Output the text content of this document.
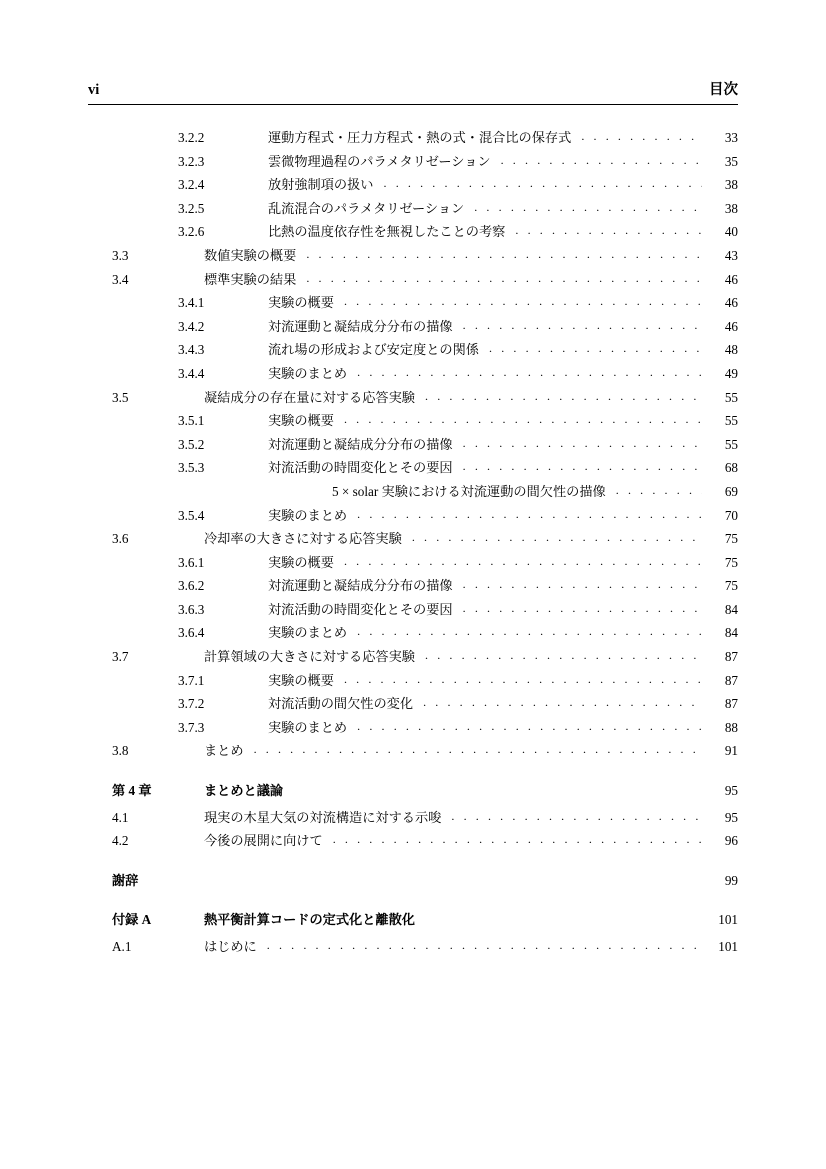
vi	目次
3.2.2	運動方程式・圧力方程式・熱の式・混合比の保存式 . . .	33
3.2.3	雲微物理過程のパラメタリゼーション . . .	35
3.2.4	放射強制項の扱い . . .	38
3.2.5	乱流混合のパラメタリゼーション . . .	38
3.2.6	比熱の温度依存性を無視したことの考察 . . .	40
3.3	数値実験の概要 . . .	43
3.4	標準実験の結果 . . .	46
3.4.1	実験の概要 . . .	46
3.4.2	対流運動と凝結成分分布の描像 . . .	46
3.4.3	流れ場の形成および安定度との関係 . . .	48
3.4.4	実験のまとめ . . .	49
3.5	凝結成分の存在量に対する応答実験 . . .	55
3.5.1	実験の概要 . . .	55
3.5.2	対流運動と凝結成分分布の描像 . . .	55
3.5.3	対流活動の時間変化とその要因 . . .	68
5 × solar 実験における対流運動の間欠性の描像 . . .	69
3.5.4	実験のまとめ . . .	70
3.6	冷却率の大きさに対する応答実験 . . .	75
3.6.1	実験の概要 . . .	75
3.6.2	対流運動と凝結成分分布の描像 . . .	75
3.6.3	対流活動の時間変化とその要因 . . .	84
3.6.4	実験のまとめ . . .	84
3.7	計算領域の大きさに対する応答実験 . . .	87
3.7.1	実験の概要 . . .	87
3.7.2	対流活動の間欠性の変化 . . .	87
3.7.3	実験のまとめ . . .	88
3.8	まとめ . . .	91
第 4 章	まとめと議論	95
4.1	現実の木星大気の対流構造に対する示唆 . . .	95
4.2	今後の展開に向けて . . .	96
謝辞	99
付録 A	熱平衡計算コードの定式化と離散化	101
A.1	はじめに . . .	101
